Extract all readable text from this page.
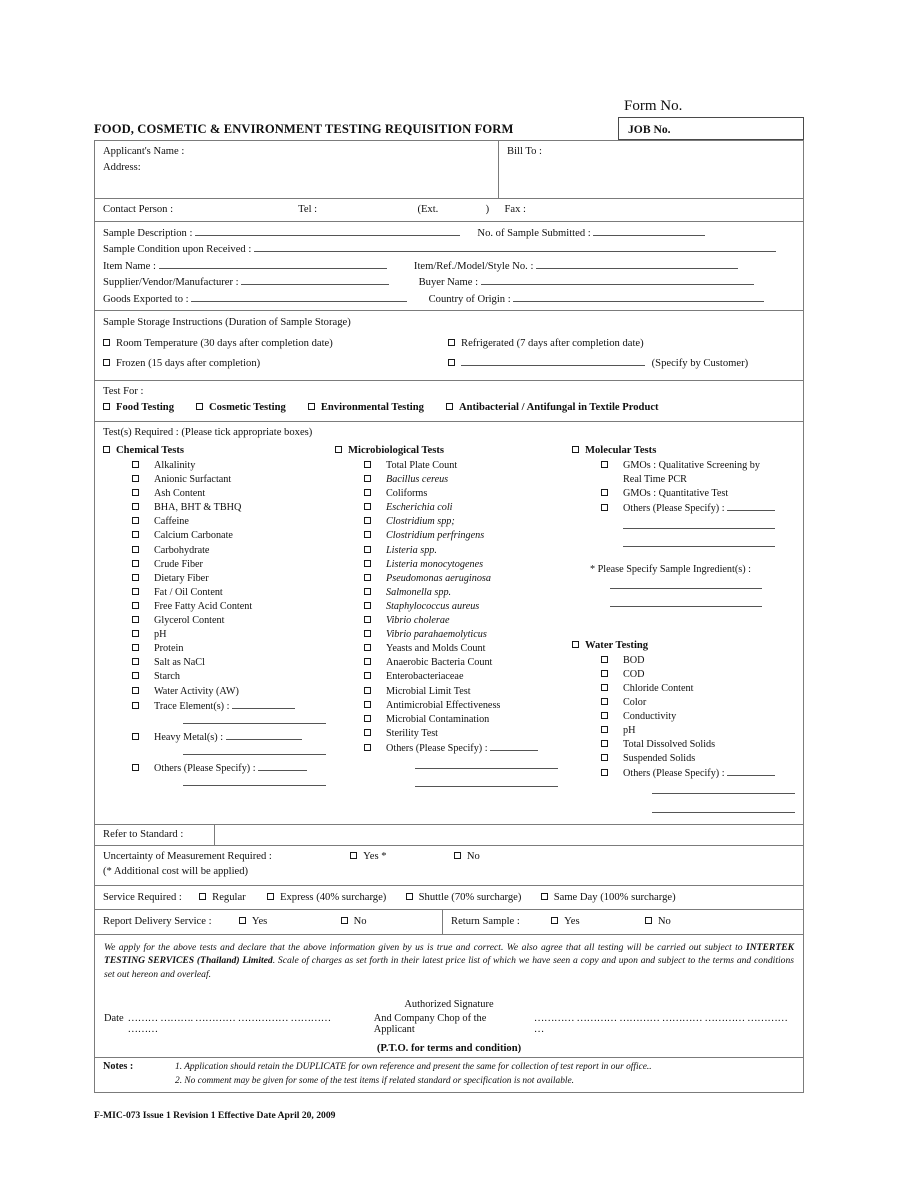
FOOD, COSMETIC & ENVIRONMENT TESTING REQUISITION FORM
Form No.
JOB No.
Applicant's Name :
Address:
Bill To :
Contact Person :	Tel :	(Ext.	) Fax :
Sample Description :	No. of Sample Submitted :
Sample Condition upon Received :
Item Name :	Item/Ref./Model/Style No. :
Supplier/Vendor/Manufacturer :	Buyer Name :
Goods Exported to :	Country of Origin :
Sample Storage Instructions (Duration of Sample Storage)
Room Temperature (30 days after completion date)
Frozen (15 days after completion)
Refrigerated (7 days after completion date)
(Specify by Customer)
Test For :
Food Testing	Cosmetic Testing	Environmental Testing	Antibacterial / Antifungal in Textile Product
Test(s) Required : (Please tick appropriate boxes)
Chemical Tests
Alkalinity
Anionic Surfactant
Ash Content
BHA, BHT & TBHQ
Caffeine
Calcium Carbonate
Carbohydrate
Crude Fiber
Dietary Fiber
Fat / Oil Content
Free Fatty Acid Content
Glycerol Content
pH
Protein
Salt as NaCl
Starch
Water Activity (AW)
Trace Element(s) :
Heavy Metal(s) :
Others (Please Specify) :
Microbiological Tests
Total Plate Count
Bacillus cereus
Coliforms
Escherichia coli
Clostridium spp;
Clostridium perfringens
Listeria spp.
Listeria monocytogenes
Pseudomonas aeruginosa
Salmonella spp.
Staphylococcus aureus
Vibrio cholerae
Vibrio parahaemolyticus
Yeasts and Molds Count
Anaerobic Bacteria Count
Enterobacteriaceae
Microbial Limit Test
Antimicrobial Effectiveness
Microbial Contamination
Sterility Test
Others (Please Specify) :
Molecular Tests
GMOs : Qualitative Screening by
Real Time PCR
GMOs : Quantitative Test
Others (Please Specify) :
* Please Specify Sample Ingredient(s) :
Water Testing
BOD
COD
Chloride Content
Color
Conductivity
pH
Total Dissolved Solids
Suspended Solids
Others (Please Specify) :
Refer to Standard :
Uncertainty of Measurement Required :	Yes *	No
(* Additional cost will be applied)
Service Required :	Regular	Express (40% surcharge)	Shuttle (70% surcharge)	Same Day (100% surcharge)
Report Delivery Service :	Yes	No	Return Sample :	Yes	No
We apply for the above tests and declare that the above information given by us is true and correct. We also agree that all testing will be carried out subject to INTERTEK TESTING SERVICES (Thailand) Limited. Scale of charges as set forth in their latest price list of which we have seen a copy and upon and subject to the terms and conditions set out hereon and overleaf.
Authorized Signature
Date ……… ………. ………… …………… ………… ………
And Company Chop of the Applicant
………… ………… ………… ………… ………… ………… …
(P.T.O. for terms and condition)
Notes :	1. Application should retain the DUPLICATE for own reference and present the same for collection of test report in our office..
2. No comment may be given for some of the test items if related standard or specification is not available.
F-MIC-073 Issue 1 Revision 1 Effective Date April 20, 2009
